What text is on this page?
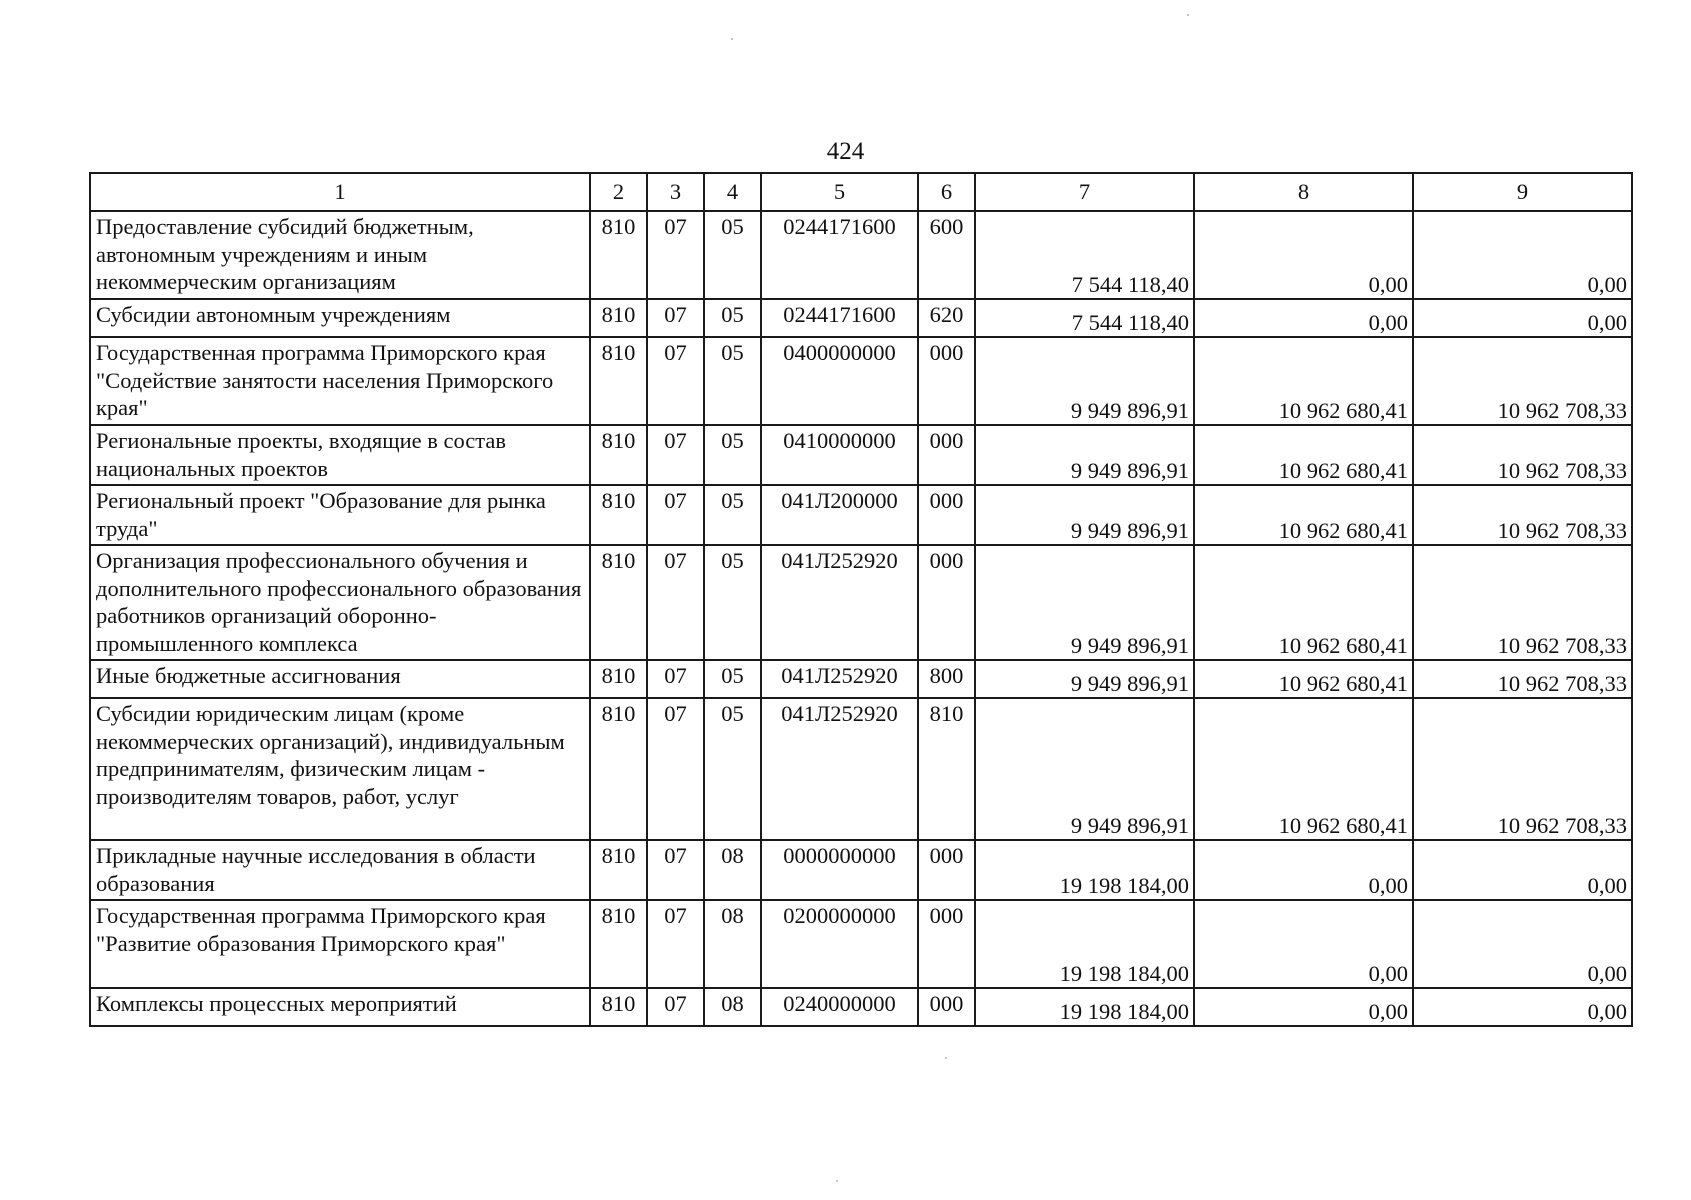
424
1	2	3	4	5	6	7	8	9
Предоставление субсидий бюджетным, автономным учреждениям и иным некоммерческим организациям	810	07	05	0244171600	600	7 544 118,40	0,00	0,00
Субсидии автономным учреждениям	810	07	05	0244171600	620	7 544 118,40	0,00	0,00
Государственная программа Приморского края "Содействие занятости населения Приморского края"	810	07	05	0400000000	000	9 949 896,91	10 962 680,41	10 962 708,33
Региональные проекты, входящие в состав национальных проектов	810	07	05	0410000000	000	9 949 896,91	10 962 680,41	10 962 708,33
Региональный проект "Образование для рынка труда"	810	07	05	041Л200000	000	9 949 896,91	10 962 680,41	10 962 708,33
Организация профессионального обучения и дополнительного профессионального образования работников организаций оборонно-промышленного комплекса	810	07	05	041Л252920	000	9 949 896,91	10 962 680,41	10 962 708,33
Иные бюджетные ассигнования	810	07	05	041Л252920	800	9 949 896,91	10 962 680,41	10 962 708,33
Субсидии юридическим лицам (кроме некоммерческих организаций), индивидуальным предпринимателям, физическим лицам - производителям товаров, работ, услуг	810	07	05	041Л252920	810	9 949 896,91	10 962 680,41	10 962 708,33
Прикладные научные исследования в области образования	810	07	08	0000000000	000	19 198 184,00	0,00	0,00
Государственная программа Приморского края "Развитие образования Приморского края"	810	07	08	0200000000	000	19 198 184,00	0,00	0,00
Комплексы процессных мероприятий	810	07	08	0240000000	000	19 198 184,00	0,00	0,00
